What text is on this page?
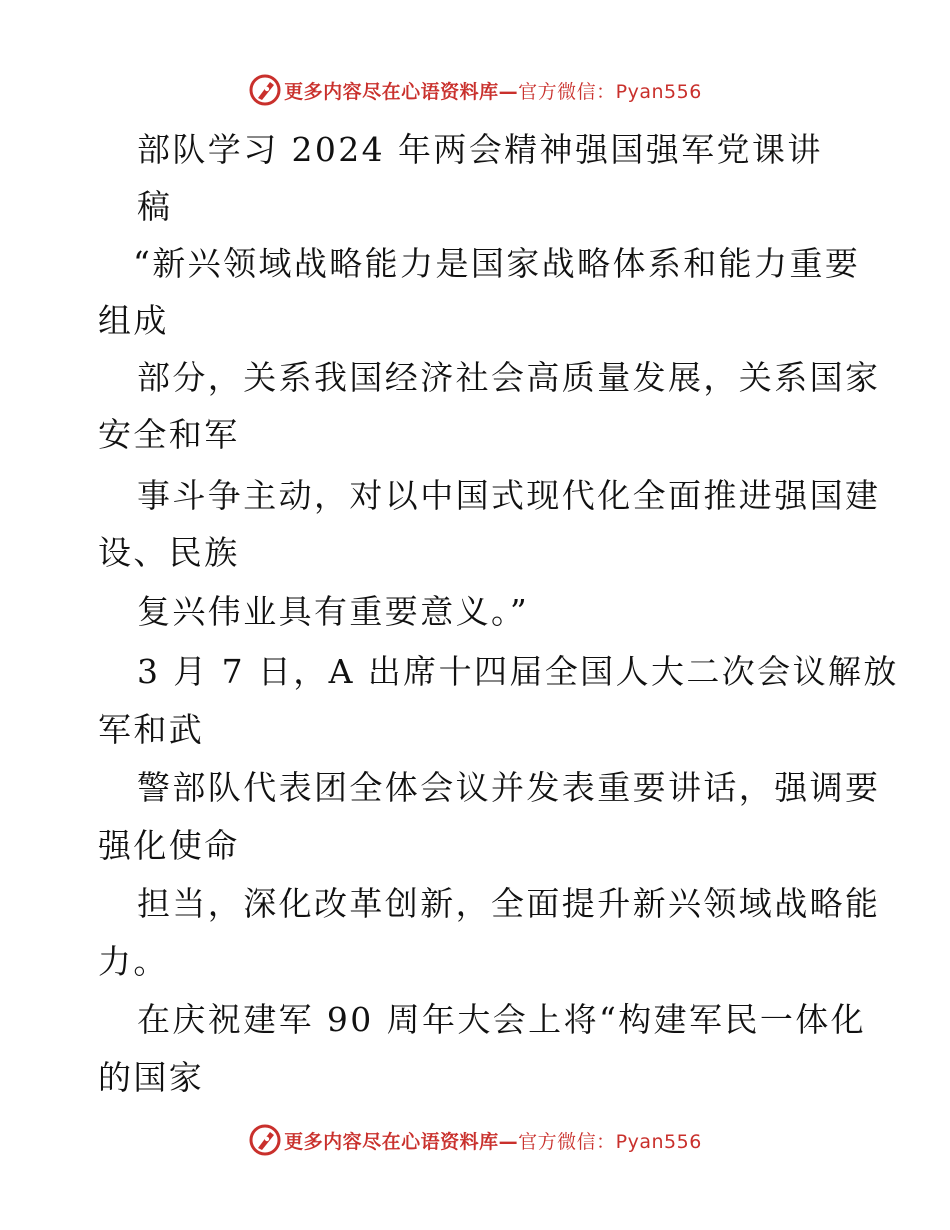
更多内容尽在心语资料库—官方微信：Pyan556
部队学习 2024 年两会精神强国强军党课讲
稿
“新兴领域战略能力是国家战略体系和能力重要
组成
部分，关系我国经济社会高质量发展，关系国家
安全和军
事斗争主动，对以中国式现代化全面推进强国建
设、民族
复兴伟业具有重要意义。”
3 月 7 日，A 出席十四届全国人大二次会议解放
军和武
警部队代表团全体会议并发表重要讲话，强调要
强化使命
担当，深化改革创新，全面提升新兴领域战略能
力。
在庆祝建军 90 周年大会上将“构建军民一体化
的国家
更多内容尽在心语资料库—官方微信：Pyan556
